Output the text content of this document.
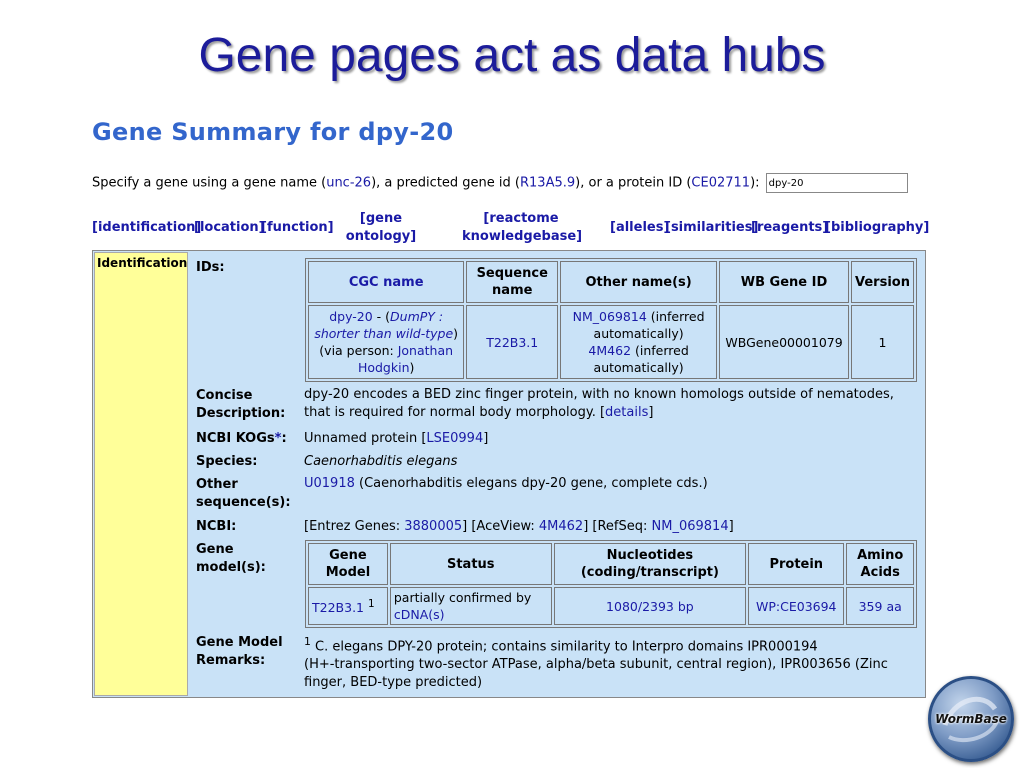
Gene pages act as data hubs
Gene Summary for dpy-20
Specify a gene using a gene name (unc-26), a predicted gene id (R13A5.9), or a protein ID (CE02711): dpy-20
[identification]
[location]
[function]
[gene
ontology]
[reactome
knowledgebase]
[alleles]
[similarities]
[reagents]
[bibliography]
Identification IDs:
CGC name	Sequence
name	Other name(s)	WB Gene ID	Version
dpy-20 - (DumPY :
shorter than wild-type)
(via person: Jonathan
Hodgkin)	T22B3.1	NM_069814 (inferred
automatically)
4M462 (inferred
automatically)	WBGene00001079	1
Concise
Description:
dpy-20 encodes a BED zinc finger protein, with no known homologs outside of nematodes,
that is required for normal body morphology. [details]
NCBI KOGs*: Unnamed protein [LSE0994]
Species:	Caenorhabditis elegans
Other
sequence(s):
U01918 (Caenorhabditis elegans dpy-20 gene, complete cds.)
NCBI:	[Entrez Genes: 3880005] [AceView: 4M462] [RefSeq: NM_069814]
Gene
model(s):
Gene
Model	Status	Nucleotides
(coding/transcript)	Protein	Amino
Acids
T22B3.1 $^1$	partially confirmed by
cDNA(s)	1080/2393 bp	WP:CE03694	359 aa
Gene Model
Remarks:
$^1$ C. elegans DPY-20 protein; contains similarity to Interpro domains IPR000194
(H+-transporting two-sector ATPase, alpha/beta subunit, central region), IPR003656 (Zinc
finger, BED-type predicted)
WormBase
